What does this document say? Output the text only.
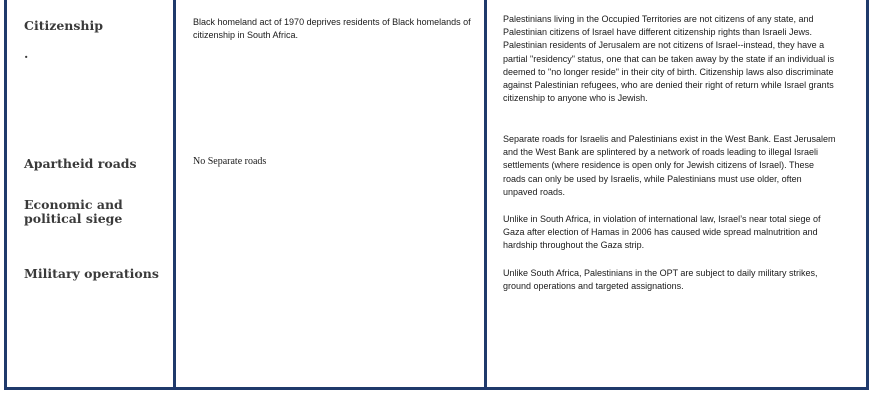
Citizenship
.
Apartheid roads
Economic and political siege
Military operations
Black homeland act of 1970 deprives residents of Black homelands of citizenship in South Africa.
No Separate roads
Palestinians living in the Occupied Territories are not citizens of any state, and Palestinian citizens of Israel have different citizenship rights than Israeli Jews. Palestinian residents of Jerusalem are not citizens of Israel--instead, they have a partial "residency" status, one that can be taken away by the state if an individual is deemed to "no longer reside" in their city of birth. Citizenship laws also discriminate against Palestinian refugees, who are denied their right of return while Israel grants citizenship to anyone who is Jewish.
Separate roads for Israelis and Palestinians exist in the West Bank. East Jerusalem and the West Bank are splintered by a network of roads leading to illegal Israeli settlements (where residence is open only for Jewish citizens of Israel). These roads can only be used by Israelis, while Palestinians must use older, often unpaved roads.
Unlike in South Africa, in violation of international law, Israel’s near total siege of Gaza after election of Hamas in 2006 has caused wide spread malnutrition and hardship throughout the Gaza strip.
Unlike South Africa, Palestinians in the OPT are subject to daily military strikes, ground operations and targeted assignations.
